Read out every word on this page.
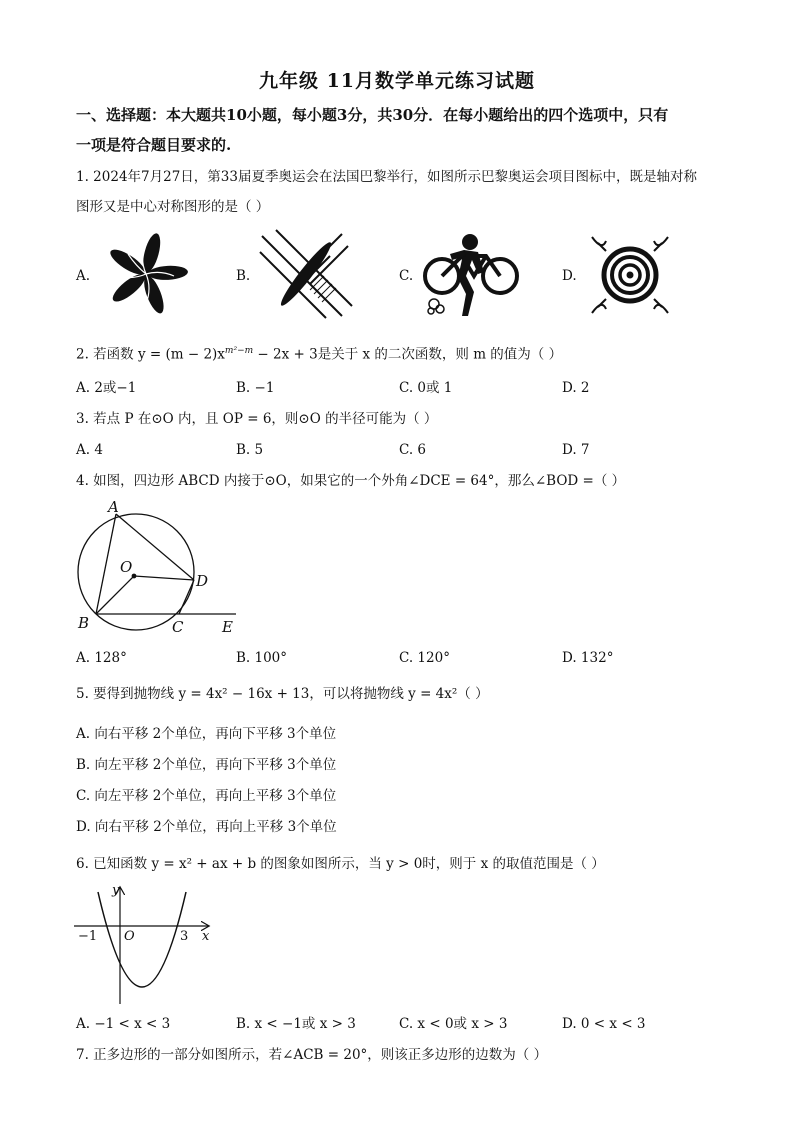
九年级 11月数学单元练习试题
一、选择题：本大题共10小题，每小题3分，共30分．在每小题给出的四个选项中，只有
一项是符合题目要求的.
1. 2024年7月27日，第33届夏季奥运会在法国巴黎举行，如图所示巴黎奥运会项目图标中，既是轴对称
图形又是中心对称图形的是（ ）
A.	B.	C.	D.
2. 若函数 $y = (m - 2)x^{m^2-m} - 2x + 3$是关于 x 的二次函数，则 m 的值为（ ）
A. 2或−1	B. −1	C. 0或 1	D. 2
3. 若点 P 在⊙O 内，且 OP = 6，则⊙O 的半径可能为（ ）
A. 4	B. 5	C. 6	D. 7
4. 如图，四边形 ABCD 内接于⊙O，如果它的一个外角∠DCE = 64°，那么∠BOD =（ ）
A
O
D
B	C	E
A. 128°	B. 100°	C. 120°	D. 132°
5. 要得到抛物线 y = 4x² − 16x + 13，可以将抛物线 y = 4x²（ ）
A. 向右平移 2个单位，再向下平移 3个单位
B. 向左平移 2个单位，再向下平移 3个单位
C. 向左平移 2个单位，再向上平移 3个单位
D. 向右平移 2个单位，再向上平移 3个单位
6. 已知函数 y = x² + ax + b 的图象如图所示，当 y > 0时，则于 x 的取值范围是（ ）
y
−1 O	3 x
A. −1 < x < 3	B. x < −1或 x > 3	C. x < 0或 x > 3	D. 0 < x < 3
7. 正多边形的一部分如图所示，若∠ACB = 20°，则该正多边形的边数为（ ）
